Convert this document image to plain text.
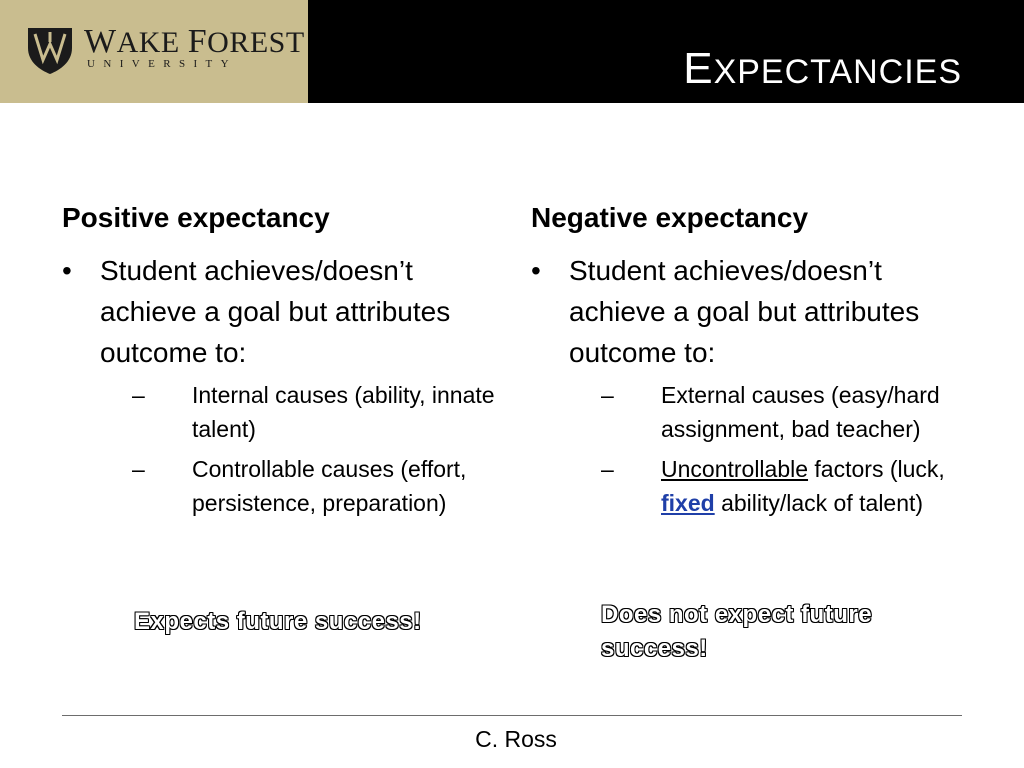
WAKE FOREST
UNIVERSITY	EXPECTANCIES
Positive expectancy
• Student achieves/doesn’t achieve a goal but attributes outcome to:
– Internal causes (ability, innate talent)
– Controllable causes (effort, persistence, preparation)
Expects future success!
Negative expectancy
• Student achieves/doesn’t achieve a goal but attributes outcome to:
– External causes (easy/hard assignment, bad teacher)
– Uncontrollable factors (luck, fixed ability/lack of talent)
Does not expect future success!
C. Ross
